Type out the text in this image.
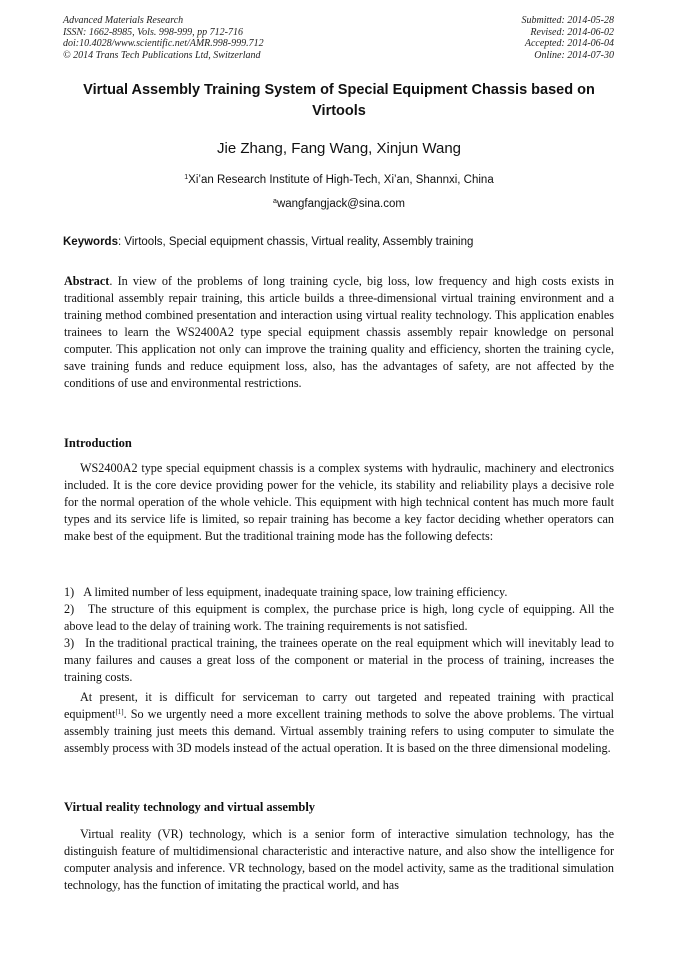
Advanced Materials Research
ISSN: 1662-8985, Vols. 998-999, pp 712-716
doi:10.4028/www.scientific.net/AMR.998-999.712
© 2014 Trans Tech Publications Ltd, Switzerland
Submitted: 2014-05-28
Revised: 2014-06-02
Accepted: 2014-06-04
Online: 2014-07-30
Virtual Assembly Training System of Special Equipment Chassis based on Virtools
Jie Zhang, Fang Wang, Xinjun Wang
$^1$Xi’an Research Institute of High-Tech, Xi’an, Shannxi, China
$^a$wangfangjack@sina.com
Keywords: Virtools, Special equipment chassis, Virtual reality, Assembly training

Abstract. In view of the problems of long training cycle, big loss, low frequency and high costs exists in traditional assembly repair training, this article builds a three-dimensional virtual training environment and a training method combined presentation and interaction using virtual reality technology. This application enables trainees to learn the WS2400A2 type special equipment chassis assembly repair knowledge on personal computer. This application not only can improve the training quality and efficiency, shorten the training cycle, save training funds and reduce equipment loss, also, has the advantages of safety, are not affected by the conditions of use and environmental restrictions.

Introduction

WS2400A2 type special equipment chassis is a complex systems with hydraulic, machinery and electronics included. It is the core device providing power for the vehicle, its stability and reliability plays a decisive role for the normal operation of the whole vehicle. This equipment with high technical content has much more fault types and its service life is limited, so repair training has become a key factor deciding whether operators can make best of the equipment. But the traditional training mode has the following defects:

1)   A limited number of less equipment, inadequate training space, low training efficiency.
2)   The structure of this equipment is complex, the purchase price is high, long cycle of equipping. All the above lead to the delay of training work. The training requirements is not satisfied.
3)   In the traditional practical training, the trainees operate on the real equipment which will inevitably lead to many failures and causes a great loss of the component or material in the process of training, increases the training costs.

At present, it is difficult for serviceman to carry out targeted and repeated training with practical equipment[1]. So we urgently need a more excellent training methods to solve the above problems. The virtual assembly training just meets this demand. Virtual assembly training refers to using computer to simulate the assembly process with 3D models instead of the actual operation. It is based on the three dimensional modeling.

Virtual reality technology and virtual assembly

Virtual reality (VR) technology, which is a senior form of interactive simulation technology, has the distinguish feature of multidimensional characteristic and interactive nature, and also show the intelligence for computer analysis and inference. VR technology, based on the model activity, same as the traditional simulation technology, has the function of imitating the practical world, and has
